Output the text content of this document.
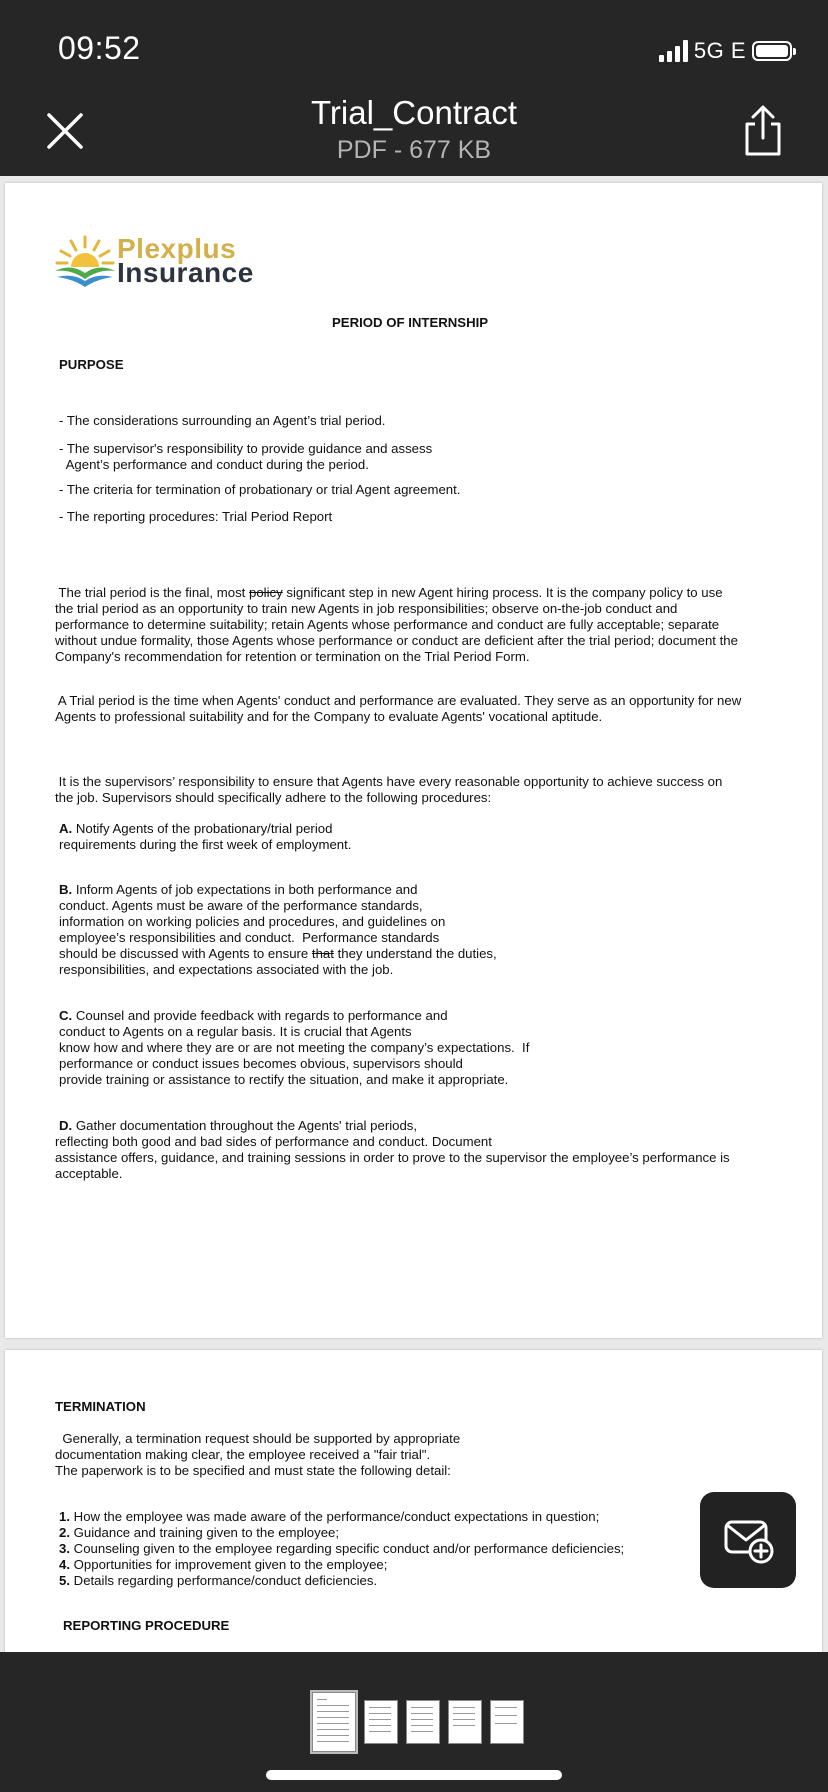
09:52	5G E
Trial_Contract
PDF - 677 KB
Plexplus
Insurance
PERIOD OF INTERNSHIP
PURPOSE
- The considerations surrounding an Agent’s trial period.
- The supervisor's responsibility to provide guidance and assess
Agent’s performance and conduct during the period.
- The criteria for termination of probationary or trial Agent agreement.
- The reporting procedures: Trial Period Report
The trial period is the final, most policy significant step in new Agent hiring process. It is the company policy to use
the trial period as an opportunity to train new Agents in job responsibilities; observe on-the-job conduct and
performance to determine suitability; retain Agents whose performance and conduct are fully acceptable; separate
without undue formality, those Agents whose performance or conduct are deficient after the trial period; document the
Company's recommendation for retention or termination on the Trial Period Form.
A Trial period is the time when Agents' conduct and performance are evaluated. They serve as an opportunity for new
Agents to professional suitability and for the Company to evaluate Agents' vocational aptitude.
It is the supervisors’ responsibility to ensure that Agents have every reasonable opportunity to achieve success on
the job. Supervisors should specifically adhere to the following procedures:
A. Notify Agents of the probationary/trial period
requirements during the first week of employment.
B. Inform Agents of job expectations in both performance and
conduct. Agents must be aware of the performance standards,
information on working policies and procedures, and guidelines on
employee’s responsibilities and conduct.  Performance standards
should be discussed with Agents to ensure that they understand the duties,
responsibilities, and expectations associated with the job.
C. Counsel and provide feedback with regards to performance and
conduct to Agents on a regular basis. It is crucial that Agents
know how and where they are or are not meeting the company’s expectations.  If
performance or conduct issues becomes obvious, supervisors should
provide training or assistance to rectify the situation, and make it appropriate.
D. Gather documentation throughout the Agents' trial periods,
reflecting both good and bad sides of performance and conduct. Document
assistance offers, guidance, and training sessions in order to prove to the supervisor the employee’s performance is
acceptable.
TERMINATION
Generally, a termination request should be supported by appropriate
documentation making clear, the employee received a "fair trial".
The paperwork is to be specified and must state the following detail:
1. How the employee was made aware of the performance/conduct expectations in question;
2. Guidance and training given to the employee;
3. Counseling given to the employee regarding specific conduct and/or performance deficiencies;
4. Opportunities for improvement given to the employee;
5. Details regarding performance/conduct deficiencies.
REPORTING PROCEDURE
